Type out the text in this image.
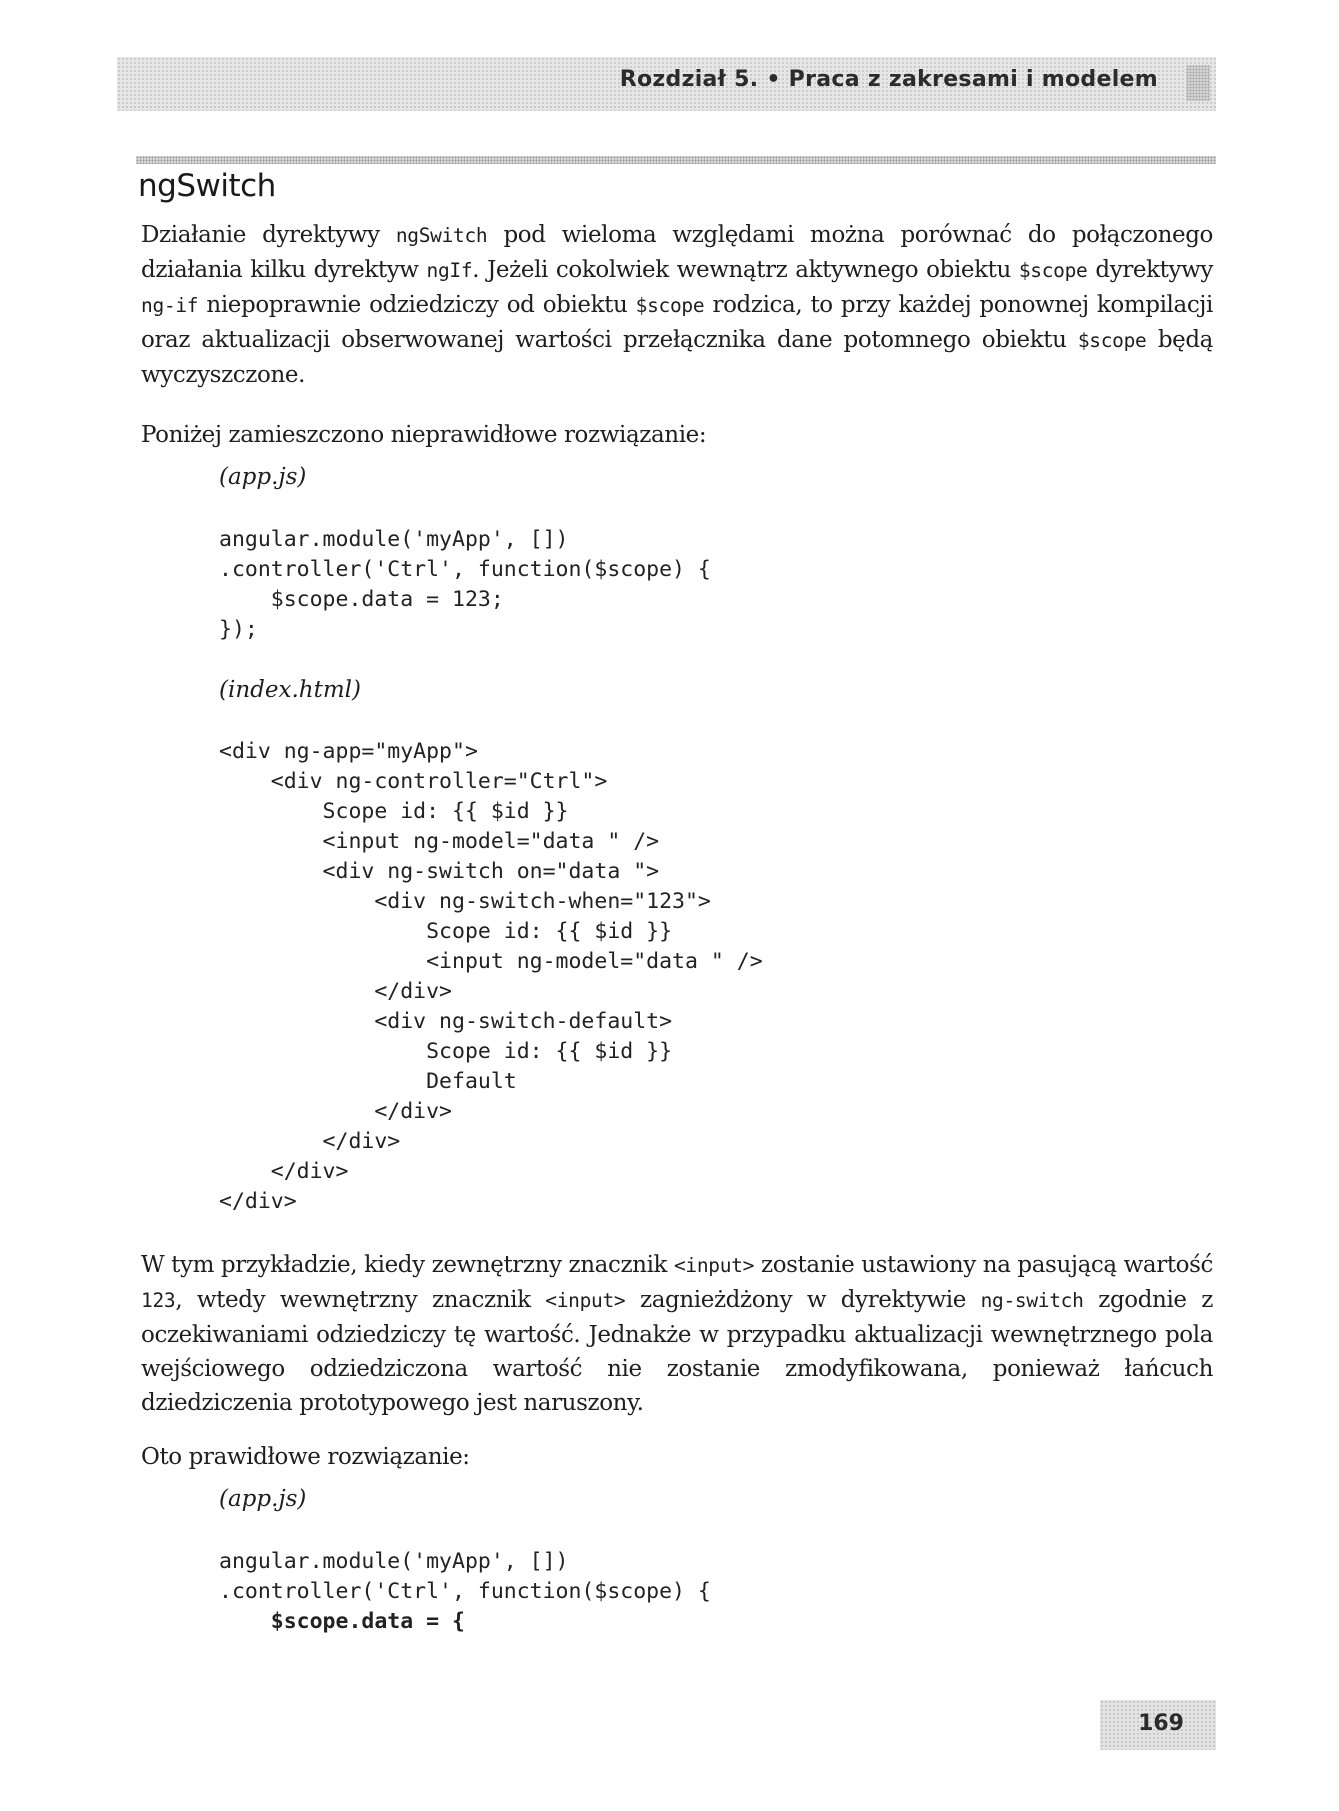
Rozdział 5. • Praca z zakresami i modelem
ngSwitch

Działanie dyrektywy ngSwitch pod wieloma względami można porównać do połączonego działania kilku dyrektyw ngIf. Jeżeli cokolwiek wewnątrz aktywnego obiektu $scope dyrektywy ng-if niepoprawnie odziedziczy od obiektu $scope rodzica, to przy każdej ponownej kompilacji oraz aktualizacji obserwowanej wartości przełącznika dane potomnego obiektu $scope będą wyczyszczone.

Poniżej zamieszczono nieprawidłowe rozwiązanie:

(app.js)

angular.module('myApp', [])
.controller('Ctrl', function($scope) {
$scope.data = 123;
});

(index.html)

<div ng-app="myApp">
<div ng-controller="Ctrl">
Scope id: {{ $id }}
<input ng-model="data " />
<div ng-switch on="data ">
<div ng-switch-when="123">
Scope id: {{ $id }}
<input ng-model="data " />
</div>
<div ng-switch-default>
Scope id: {{ $id }}
Default
</div>
</div>
</div>
</div>

W tym przykładzie, kiedy zewnętrzny znacznik <input> zostanie ustawiony na pasującą wartość 123, wtedy wewnętrzny znacznik <input> zagnieżdżony w dyrektywie ng-switch zgodnie z oczekiwaniami odziedziczy tę wartość. Jednakże w przypadku aktualizacji wewnętrznego pola wejściowego odziedziczona wartość nie zostanie zmodyfikowana, ponieważ łańcuch dziedziczenia prototypowego jest naruszony.

Oto prawidłowe rozwiązanie:

(app.js)

angular.module('myApp', [])
.controller('Ctrl', function($scope) {
$scope.data = {
169
